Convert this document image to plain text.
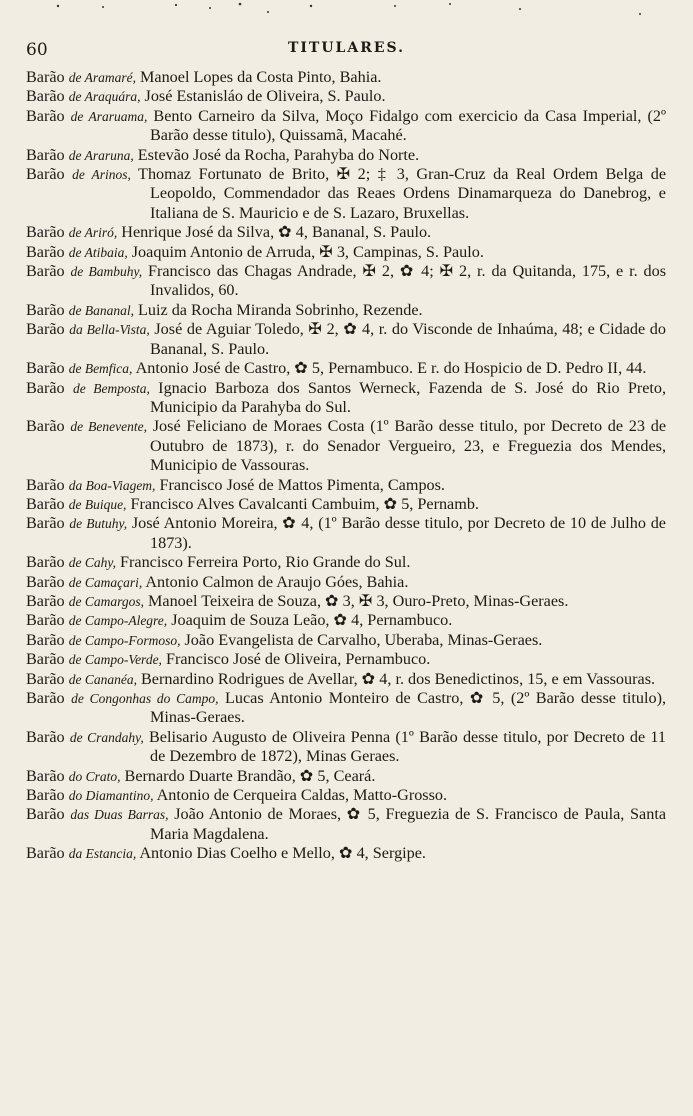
60	TITULARES.

Barão de Aramaré, Manoel Lopes da Costa Pinto, Bahia.

Barão de Araquára, José Estanisláo de Oliveira, S. Paulo.

Barão de Araruama, Bento Carneiro da Silva, Moço Fidalgo com exercicio da Casa Imperial, (2º Barão desse titulo), Quissamã, Macahé.

Barão de Araruna, Estevão José da Rocha, Parahyba do Norte.

Barão de Arinos, Thomaz Fortunato de Brito, ✠ 2; ‡ 3, Gran-Cruz da Real Ordem Belga de Leopoldo, Commendador das Reaes Ordens Dinamarqueza do Danebrog, e Italiana de S. Mauricio e de S. Lazaro, Bruxellas.

Barão de Ariró, Henrique José da Silva, ✿ 4, Bananal, S. Paulo.

Barão de Atibaia, Joaquim Antonio de Arruda, ✠ 3, Campinas, S. Paulo.

Barão de Bambuhy, Francisco das Chagas Andrade, ✠ 2, ✿ 4; ✠ 2, r. da Quitanda, 175, e r. dos Invalidos, 60.

Barão de Bananal, Luiz da Rocha Miranda Sobrinho, Rezende.

Barão da Bella-Vista, José de Aguiar Toledo, ✠ 2, ✿ 4, r. do Visconde de Inhaúma, 48; e Cidade do Bananal, S. Paulo.

Barão de Bemfica, Antonio José de Castro, ✿ 5, Pernambuco. E r. do Hospicio de D. Pedro II, 44.

Barão de Bemposta, Ignacio Barboza dos Santos Werneck, Fazenda de S. José do Rio Preto, Municipio da Parahyba do Sul.

Barão de Benevente, José Feliciano de Moraes Costa (1º Barão desse titulo, por Decreto de 23 de Outubro de 1873), r. do Senador Vergueiro, 23, e Freguezia dos Mendes, Municipio de Vassouras.

Barão da Boa-Viagem, Francisco José de Mattos Pimenta, Campos.

Barão de Buique, Francisco Alves Cavalcanti Cambuim, ✿ 5, Pernamb.

Barão de Butuhy, José Antonio Moreira, ✿ 4, (1º Barão desse titulo, por Decreto de 10 de Julho de 1873).

Barão de Cahy, Francisco Ferreira Porto, Rio Grande do Sul.

Barão de Camaçari, Antonio Calmon de Araujo Góes, Bahia.

Barão de Camargos, Manoel Teixeira de Souza, ✿ 3, ✠ 3, Ouro-Preto, Minas-Geraes.

Barão de Campo-Alegre, Joaquim de Souza Leão, ✿ 4, Pernambuco.

Barão de Campo-Formoso, João Evangelista de Carvalho, Uberaba, Minas-Geraes.

Barão de Campo-Verde, Francisco José de Oliveira, Pernambuco.

Barão de Cananéa, Bernardino Rodrigues de Avellar, ✿ 4, r. dos Benedictinos, 15, e em Vassouras.

Barão de Congonhas do Campo, Lucas Antonio Monteiro de Castro, ✿ 5, (2º Barão desse titulo), Minas-Geraes.

Barão de Crandahy, Belisario Augusto de Oliveira Penna (1º Barão desse titulo, por Decreto de 11 de Dezembro de 1872), Minas Geraes.

Barão do Crato, Bernardo Duarte Brandão, ✿ 5, Ceará.

Barão do Diamantino, Antonio de Cerqueira Caldas, Matto-Grosso.

Barão das Duas Barras, João Antonio de Moraes, ✿ 5, Freguezia de S. Francisco de Paula, Santa Maria Magdalena.

Barão da Estancia, Antonio Dias Coelho e Mello, ✿ 4, Sergipe.
